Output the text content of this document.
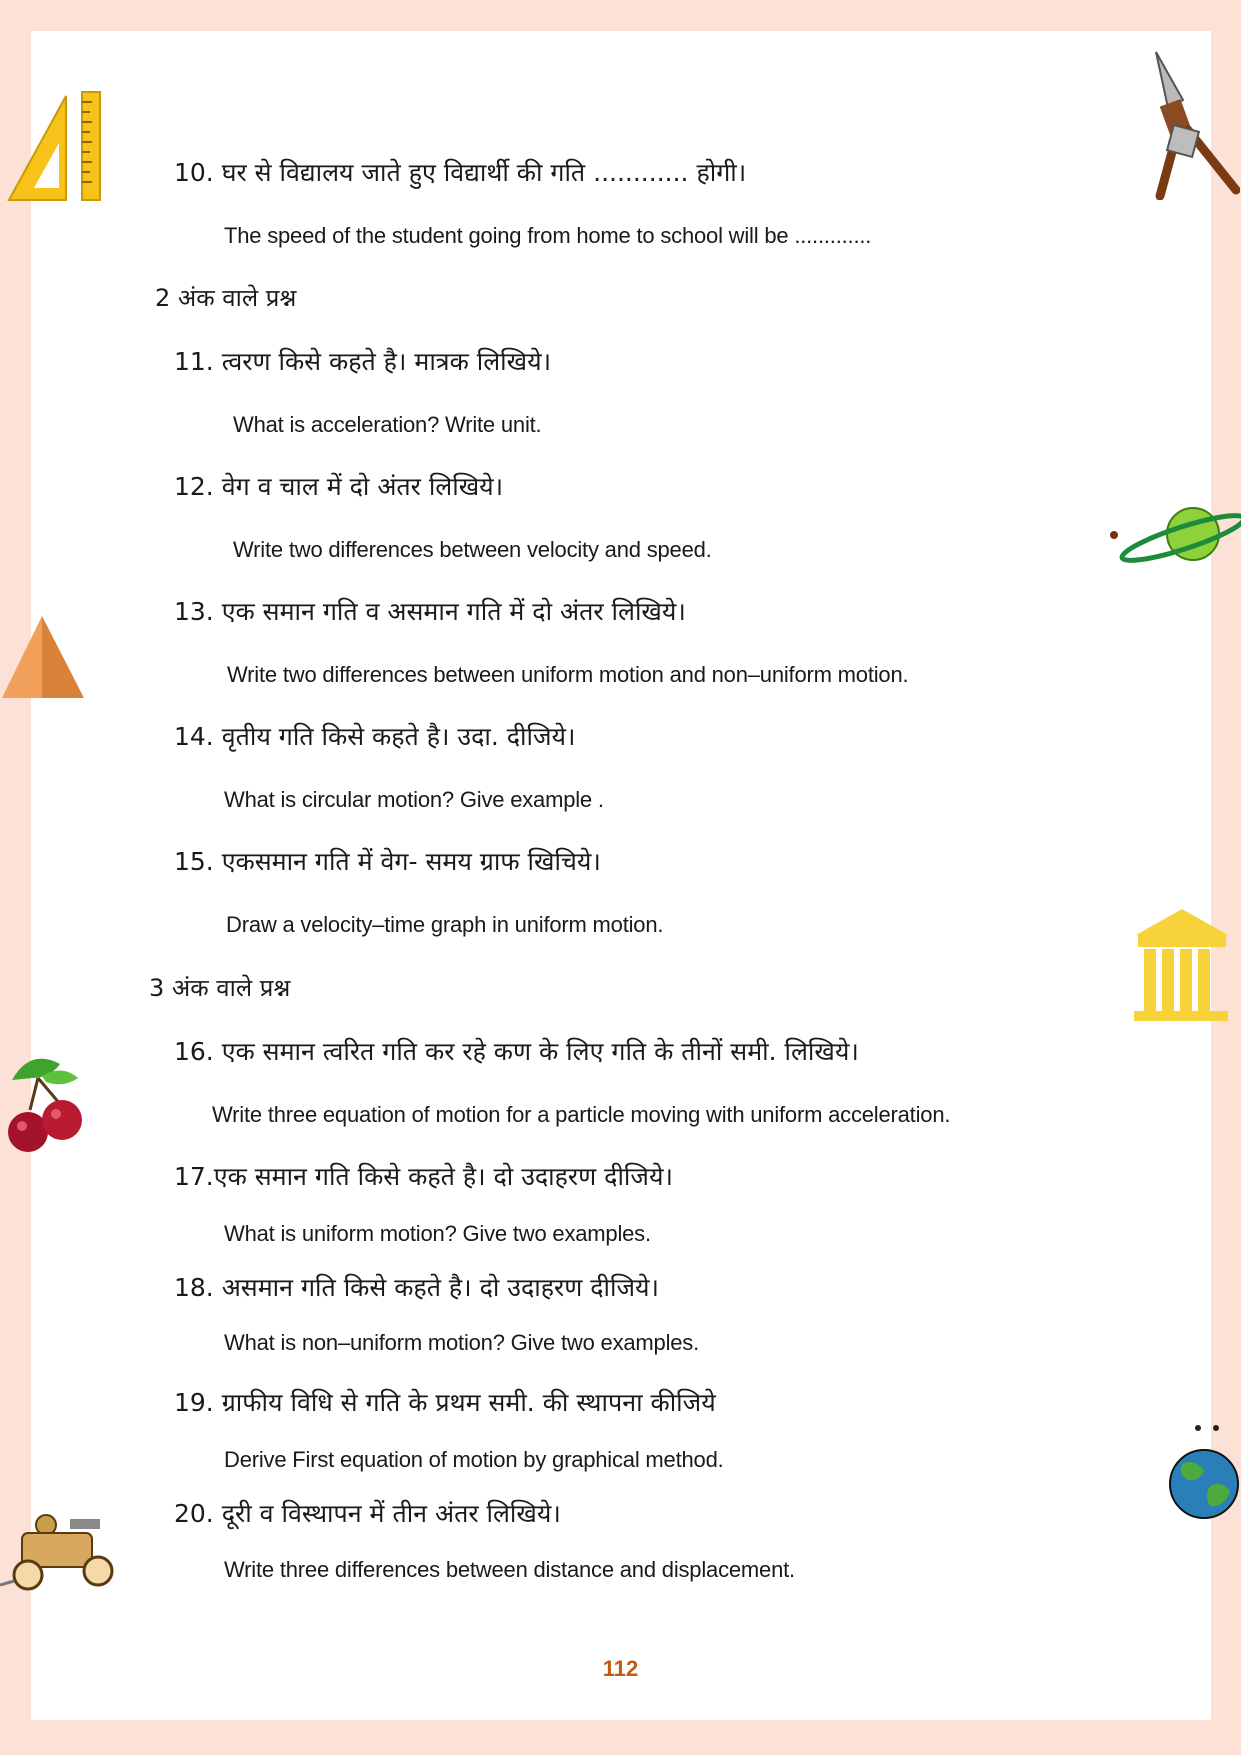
10. घर से विद्यालय जाते हुए विद्यार्थी की गति ............ होगी।
The speed of the student going from home to school will be .............
2 अंक वाले प्रश्न
11. त्वरण किसे कहते है। मात्रक लिखिये।
What is acceleration? Write unit.
12. वेग व चाल में दो अंतर लिखिये।
Write two differences between velocity and speed.
13. एक समान गति व असमान गति में दो अंतर लिखिये।
Write two differences between uniform motion and non–uniform motion.
14. वृतीय गति किसे कहते है। उदा. दीजिये।
What is circular motion? Give example .
15. एकसमान गति में वेग- समय ग्राफ खिचिये।
Draw a velocity–time graph in uniform motion.
3 अंक वाले प्रश्न
16. एक समान त्वरित गति कर रहे कण के लिए गति के तीनों समी. लिखिये।
Write three equation of motion for a particle moving with uniform acceleration.
17.एक समान गति किसे कहते है। दो उदाहरण दीजिये।
What is uniform motion? Give two examples.
18. असमान गति किसे कहते है। दो उदाहरण दीजिये।
What is non–uniform motion? Give two examples.
19. ग्राफीय विधि से गति के प्रथम समी. की स्थापना कीजिये
Derive First equation of motion by graphical method.
20. दूरी व विस्थापन में तीन अंतर लिखिये।
Write three differences between distance and displacement.
112
